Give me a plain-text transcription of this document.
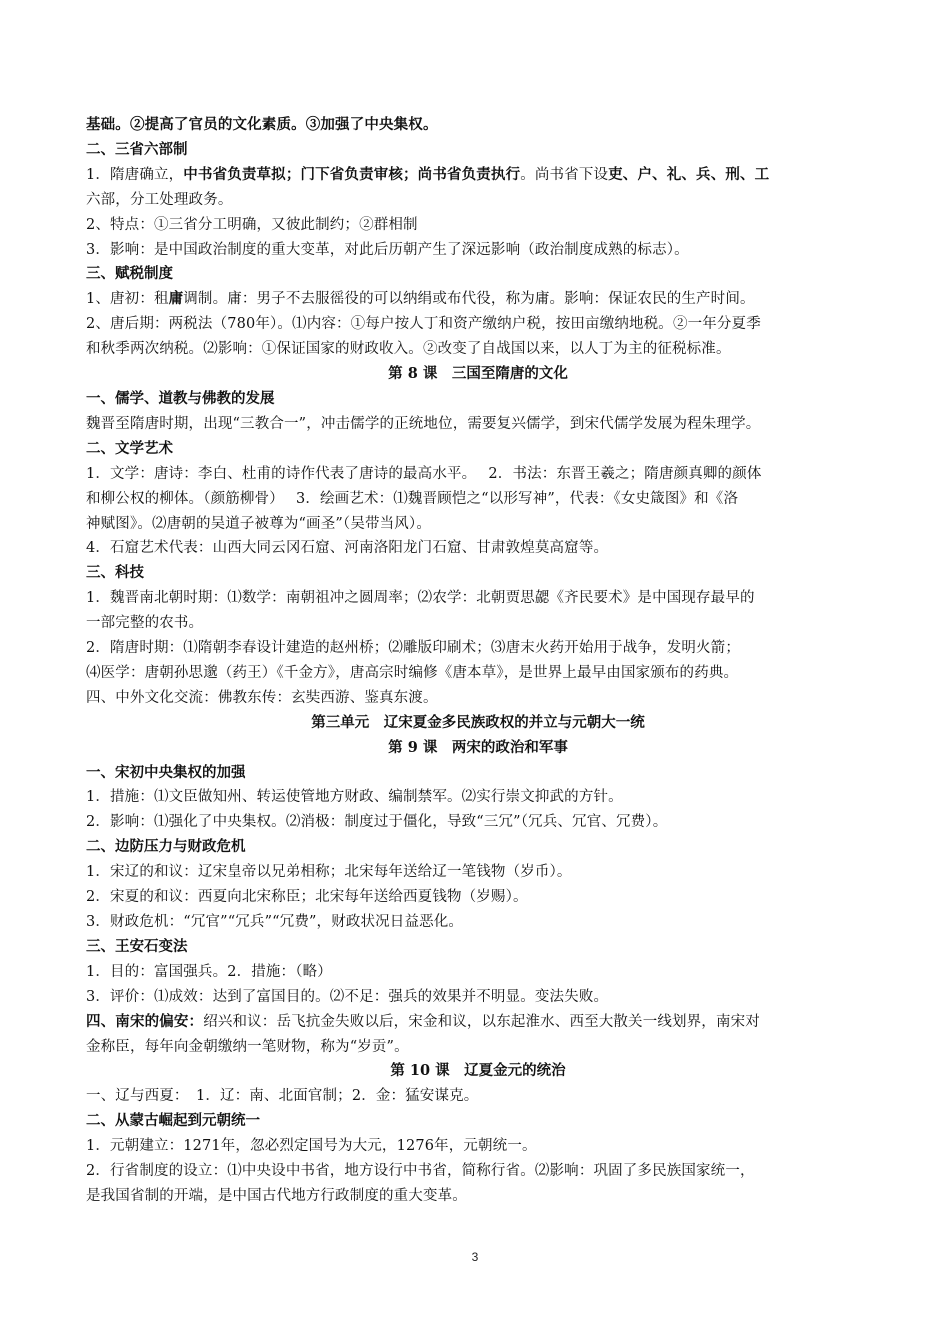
基础。②提高了官员的文化素质。③加强了中央集权。
二、三省六部制
1．隋唐确立，中书省负责草拟；门下省负责审核；尚书省负责执行。尚书省下设吏、户、礼、兵、刑、工
六部，分工处理政务。
2、特点：①三省分工明确，又彼此制约；②群相制
3．影响：是中国政治制度的重大变革，对此后历朝产生了深远影响（政治制度成熟的标志）。
三、赋税制度
1、唐初：租庸调制。庸：男子不去服徭役的可以纳绢或布代役，称为庸。影响：保证农民的生产时间。
2、唐后期：两税法（780年）。⑴内容：①每户按人丁和资产缴纳户税，按田亩缴纳地税。②一年分夏季
和秋季两次纳税。⑵影响：①保证国家的财政收入。②改变了自战国以来，以人丁为主的征税标准。
第 8 课　三国至隋唐的文化
一、儒学、道教与佛教的发展
魏晋至隋唐时期，出现“三教合一”，冲击儒学的正统地位，需要复兴儒学，到宋代儒学发展为程朱理学。
二、文学艺术
1．文学：唐诗：李白、杜甫的诗作代表了唐诗的最高水平。　 2．书法：东晋王羲之；隋唐颜真卿的颜体
和柳公权的柳体。（颜筋柳骨）　 3．绘画艺术：⑴魏晋顾恺之“以形写神”，代表：《女史箴图》和《洛
神赋图》。⑵唐朝的吴道子被尊为“画圣”（吴带当风）。
4．石窟艺术代表：山西大同云冈石窟、河南洛阳龙门石窟、甘肃敦煌莫高窟等。
三、科技
1．魏晋南北朝时期：⑴数学：南朝祖冲之圆周率；⑵农学：北朝贾思勰《齐民要术》是中国现存最早的
一部完整的农书。
2．隋唐时期：⑴隋朝李春设计建造的赵州桥；⑵雕版印刷术；⑶唐末火药开始用于战争，发明火箭；
⑷医学：唐朝孙思邈（药王）《千金方》，唐高宗时编修《唐本草》，是世界上最早由国家颁布的药典。
四、中外文化交流：佛教东传：玄奘西游、鉴真东渡。
第三单元　辽宋夏金多民族政权的并立与元朝大一统
第 9 课　两宋的政治和军事
一、宋初中央集权的加强
1．措施：⑴文臣做知州、转运使管地方财政、编制禁军。⑵实行崇文抑武的方针。
2．影响：⑴强化了中央集权。⑵消极：制度过于僵化，导致“三冗”（冗兵、冗官、冗费）。
二、边防压力与财政危机
1．宋辽的和议：辽宋皇帝以兄弟相称；北宋每年送给辽一笔钱物（岁币）。
2．宋夏的和议：西夏向北宋称臣；北宋每年送给西夏钱物（岁赐）。
3．财政危机：“冗官”“冗兵”“冗费”，财政状况日益恶化。
三、王安石变法
1．目的：富国强兵。2．措施：（略）
3．评价：⑴成效：达到了富国目的。⑵不足：强兵的效果并不明显。变法失败。
四、南宋的偏安：绍兴和议：岳飞抗金失败以后，宋金和议，以东起淮水、西至大散关一线划界，南宋对
金称臣，每年向金朝缴纳一笔财物，称为“岁贡”。
第 10 课　辽夏金元的统治
一、辽与西夏：　1．辽：南、北面官制；2．金：猛安谋克。
二、从蒙古崛起到元朝统一
1．元朝建立：1271年，忽必烈定国号为大元，1276年，元朝统一。
2．行省制度的设立：⑴中央设中书省，地方设行中书省，简称行省。⑵影响：巩固了多民族国家统一，
是我国省制的开端，是中国古代地方行政制度的重大变革。
3
